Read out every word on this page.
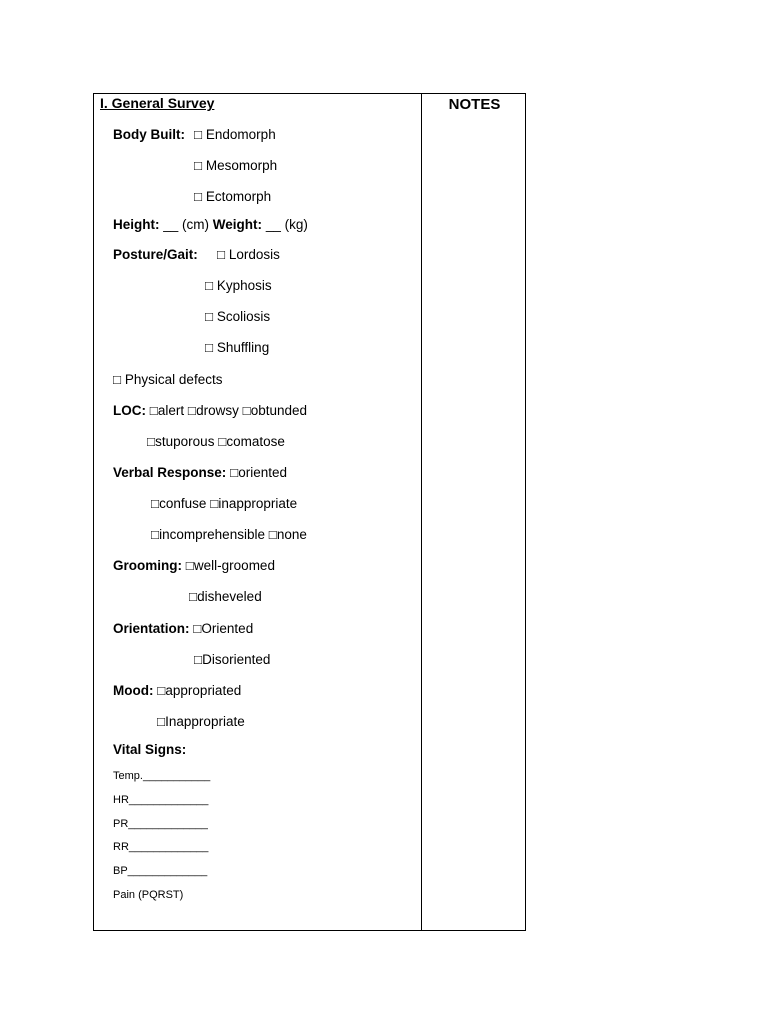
I. General Survey	NOTES
Body Built: □ Endomorph
□ Mesomorph
□ Ectomorph
Height: __ (cm) Weight: __ (kg)
Posture/Gait: □ Lordosis
□ Kyphosis
□ Scoliosis
□ Shuffling
□ Physical defects
LOC: □alert □drowsy □obtunded
□stuporous □comatose
Verbal Response: □oriented
□confuse □inappropriate
□incomprehensible □none
Grooming: □well-groomed
□disheveled
Orientation: □Oriented
□Disoriented
Mood: □appropriated
□Inappropriate
Vital Signs:
Temp.___________
HR_____________
PR_____________
RR_____________
BP_____________
Pain (PQRST)
